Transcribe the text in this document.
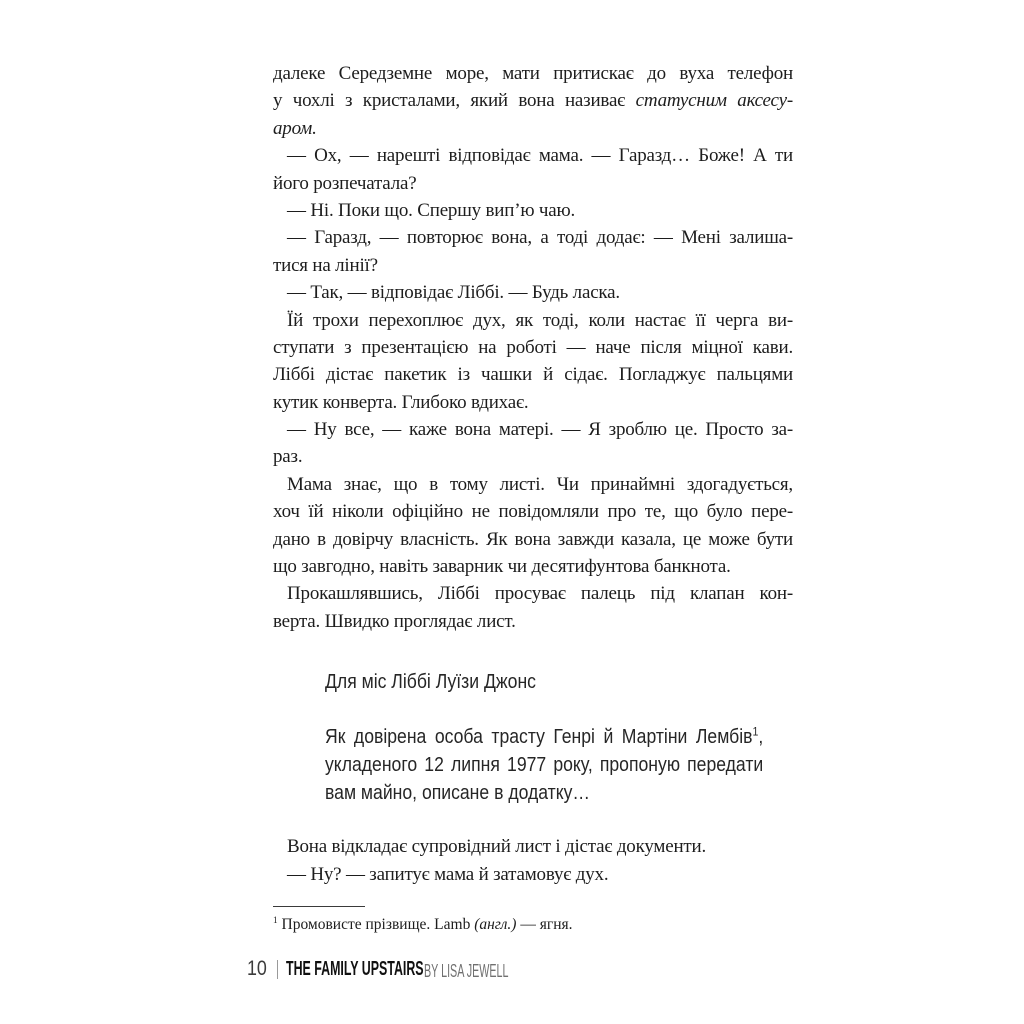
далеке Середземне море, мати притискає до вуха телефон
у чохлі з кристалами, який вона називає статусним аксесу-
аром.
— Ох, — нарешті відповідає мама. — Гаразд… Боже! А ти
його розпечатала?
— Ні. Поки що. Спершу вип’ю чаю.
— Гаразд, — повторює вона, а тоді додає: — Мені залиша-
тися на лінії?
— Так, — відповідає Ліббі. — Будь ласка.
Їй трохи перехоплює дух, як тоді, коли настає її черга ви-
ступати з презентацією на роботі — наче після міцної кави.
Ліббі дістає пакетик із чашки й сідає. Погладжує пальцями
кутик конверта. Глибоко вдихає.
— Ну все, — каже вона матері. — Я зроблю це. Просто за-
раз.
Мама знає, що в тому листі. Чи принаймні здогадується,
хоч їй ніколи офіційно не повідомляли про те, що було пере-
дано в довірчу власність. Як вона завжди казала, це може бути
що завгодно, навіть заварник чи десятифунтова банкнота.
Прокашлявшись, Ліббі просуває палець під клапан кон-
верта. Швидко проглядає лист.
Для міс Ліббі Луїзи Джонс
Як довірена особа трасту Генрі й Мартіни Лембів$^1$,
укладеного 12 липня 1977 року, пропоную передати
вам майно, описане в додатку…
Вона відкладає супровідний лист і дістає документи.
— Ну? — запитує мама й затамовує дух.
$^1$ Промовисте прізвище. Lamb (англ.) — ягня.
10 THE FAMILY UPSTAIRS BY LISA JEWELL
